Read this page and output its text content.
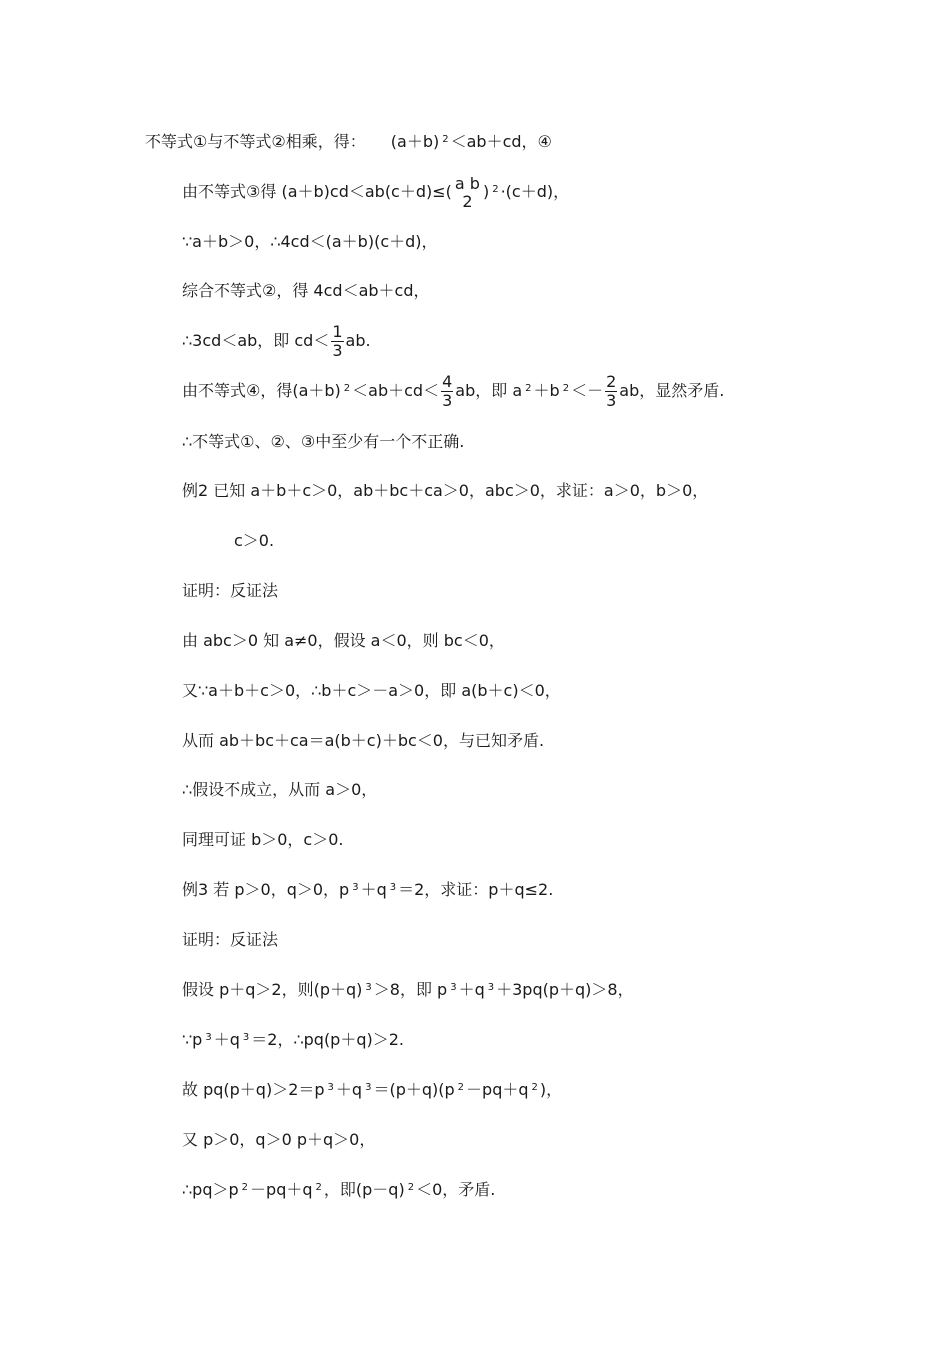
不等式①与不等式②相乘，得： (a＋b) $^2$ ＜ab＋cd，④
由不等式③得 (a＋b)cd＜ab(c＋d)≤( a b
2 ) $^2$ ·(c＋d)，
∵a＋b＞0，∴4cd＜(a＋b)(c＋d)，
综合不等式②，得 4cd＜ab＋cd，
∴3cd＜ab，即 $cd< \frac{1}{3}$ ab.
由不等式④，得(a＋b) $^2 <ab+cd< \frac{4}{3}$ ab，即 a $^2$ ＋b $^2 <- \frac{2}{3}$ ab，显然矛盾.
∴不等式①、②、③中至少有一个不正确.
例2 已知 a＋b＋c＞0，ab＋bc＋ca＞0，abc＞0，求证：a＞0，b＞0，
c＞0.
证明：反证法
由 abc＞0 知 a≠0，假设 a＜0，则 bc＜0，
又∵a＋b＋c＞0，∴b＋c＞－a＞0，即 a(b＋c)＜0，
从而 ab＋bc＋ca＝a(b＋c)＋bc＜0，与已知矛盾.
∴假设不成立，从而 a＞0，
同理可证 b＞0，c＞0.
例3 若 p＞0，q＞0，p $^3$ ＋q $^3$ ＝2，求证：p＋q≤2.
证明：反证法
假设 p＋q＞2，则(p＋q) $^3$ ＞8，即 p $^3$ ＋q $^3$ ＋3pq(p＋q)＞8，
∵p $^3$ ＋q $^3$ ＝2，∴pq(p＋q)＞2.
故 pq(p＋q)＞2＝p $^3$ ＋q $^3$ ＝(p＋q)(p $^2$ －pq＋q $^2$ )，
又 p＞0，q＞0 p＋q＞0，
∴pq＞p $^2$ －pq＋q $^2$ ，即(p－q) $^2$ ＜0，矛盾.
